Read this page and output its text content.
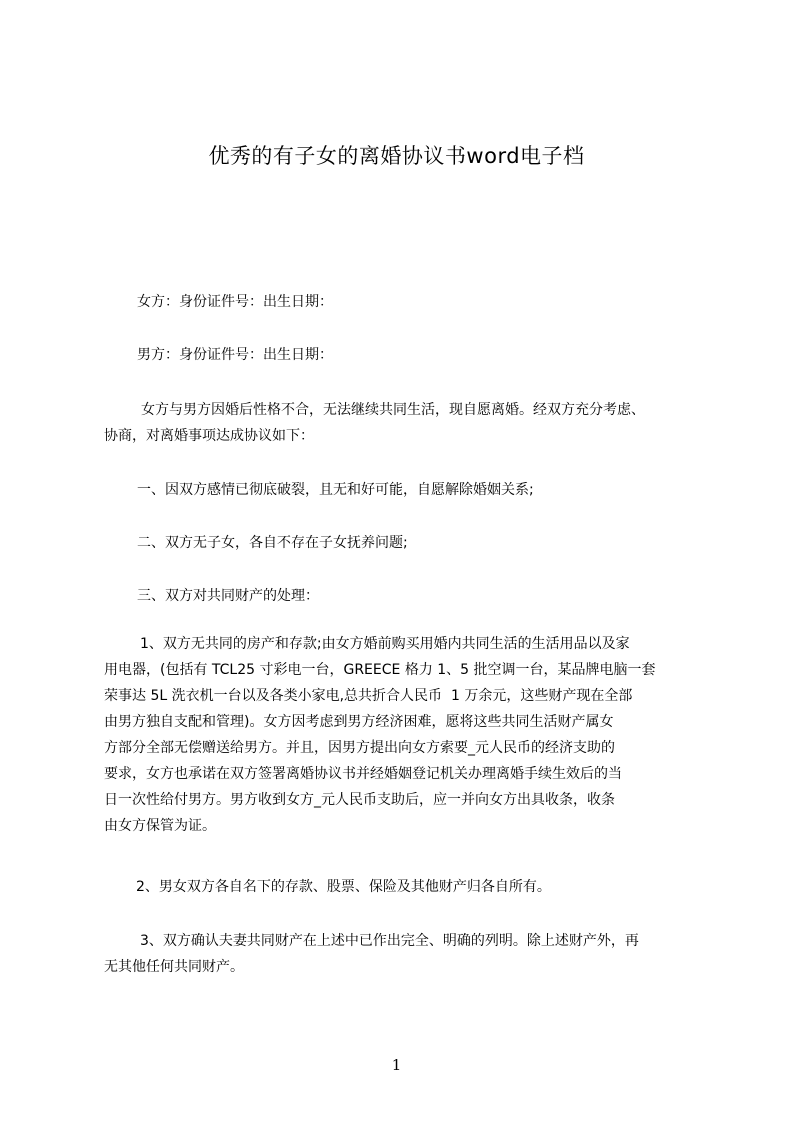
优秀的有子女的离婚协议书word电子档
女方：身份证件号：出生日期：
男方：身份证件号：出生日期：
女方与男方因婚后性格不合，无法继续共同生活，现自愿离婚。经双方充分考虑、
协商，对离婚事项达成协议如下：
一、因双方感情已彻底破裂，且无和好可能，自愿解除婚姻关系;
二、双方无子女，各自不存在子女抚养问题;
三、双方对共同财产的处理：
1、双方无共同的房产和存款;由女方婚前购买用婚内共同生活的生活用品以及家
用电器，(包括有 TCL25 寸彩电一台，GREECE 格力 1、5 批空调一台，某品牌电脑一套
荣事达 5L 洗衣机一台以及各类小家电,总共折合人民币  1 万余元，这些财产现在全部
由男方独自支配和管理)。女方因考虑到男方经济困难，愿将这些共同生活财产属女
方部分全部无偿赠送给男方。并且，因男方提出向女方索要_元人民币的经济支助的
要求，女方也承诺在双方签署离婚协议书并经婚姻登记机关办理离婚手续生效后的当
日一次性给付男方。男方收到女方_元人民币支助后，应一并向女方出具收条，收条
由女方保管为证。
2、男女双方各自名下的存款、股票、保险及其他财产归各自所有。
3、双方确认夫妻共同财产在上述中已作出完全、明确的列明。除上述财产外，再
无其他任何共同财产。
1
